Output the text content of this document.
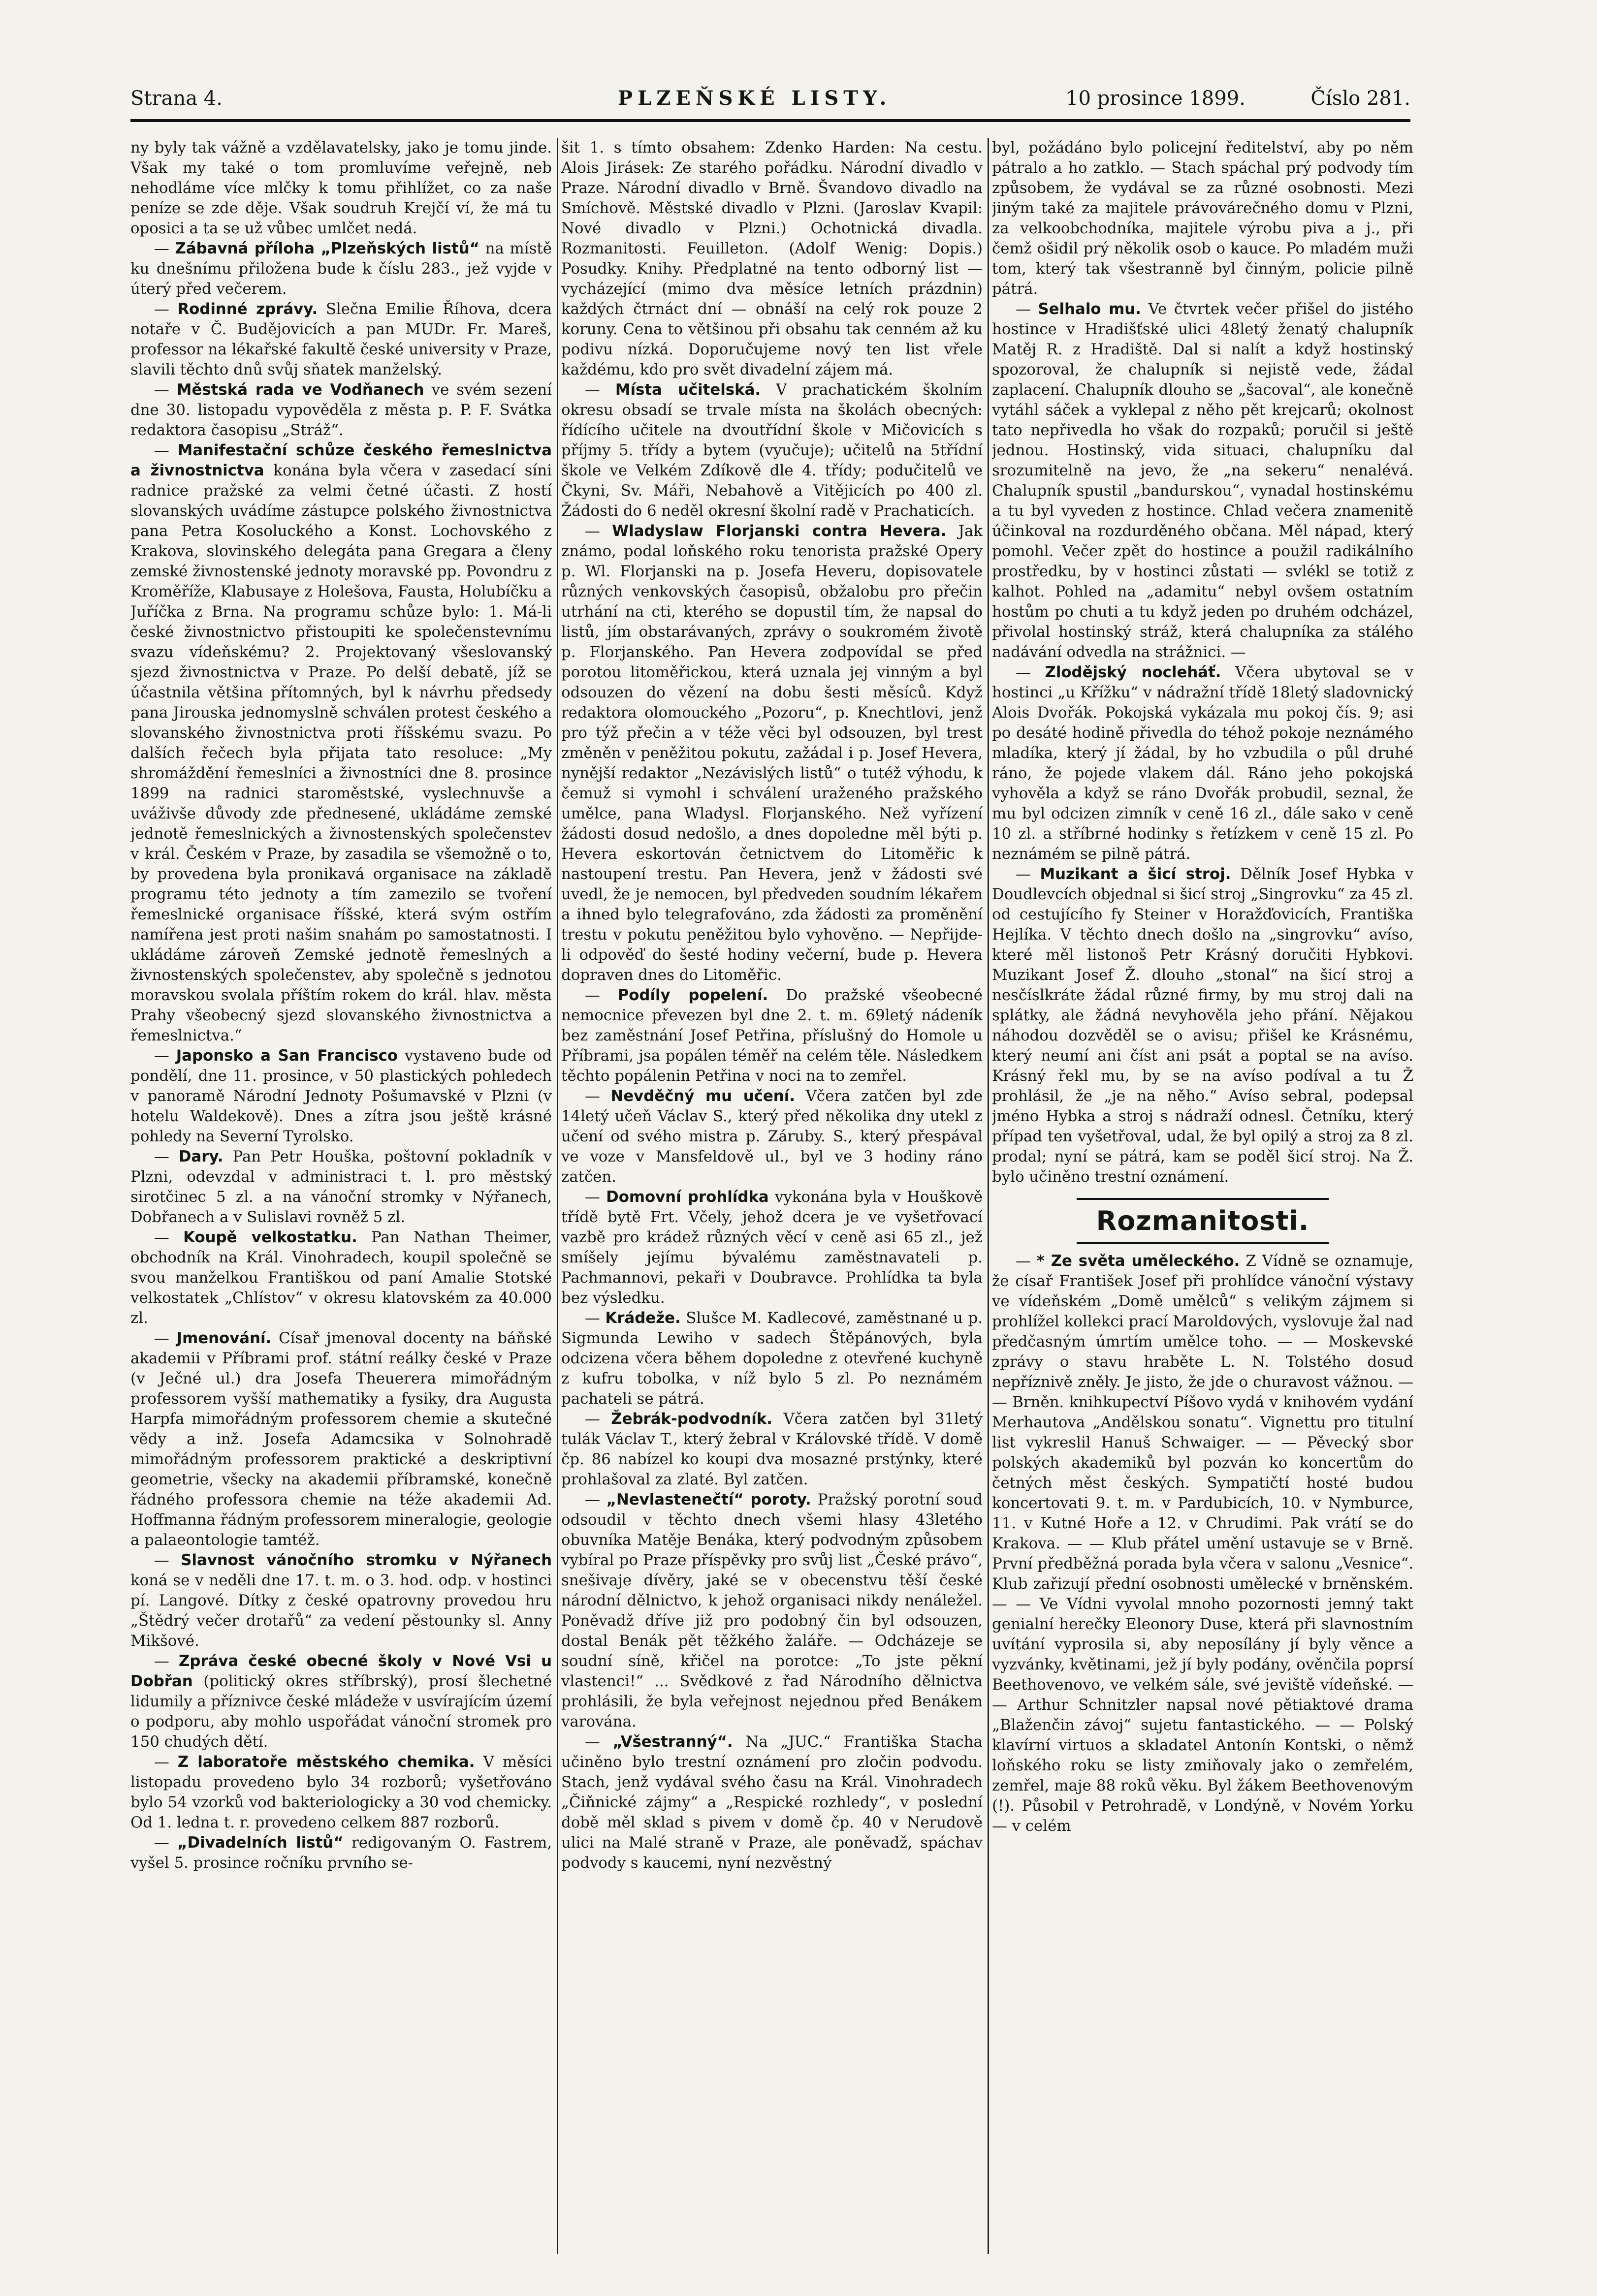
Strana 4.	PLZEŇSKÉ LISTY.	10 prosince 1899.	Číslo 281.

ny byly tak vážně a vzdělavatelsky, jako je tomu jinde. Však my také o tom promluvíme veřejně, neb nehodláme více mlčky k tomu přihlížet, co za naše peníze se zde děje. Však soudruh Krejčí ví, že má tu oposici a ta se už vůbec umlčet nedá.

— Zábavná příloha „Plzeňských listů“ na místě ku dnešnímu přiložena bude k číslu 283., jež vyjde v úterý před večerem.

— Rodinné zprávy. Slečna Emilie Říhova, dcera notaře v Č. Budějovicích a pan MUDr. Fr. Mareš, professor na lékařské fakultě české university v Praze, slavili těchto dnů svůj sňatek manželský.

— Městská rada ve Vodňanech ve svém sezení dne 30. listopadu vypověděla z města p. P. F. Svátka redaktora časopisu „Stráž“.

— Manifestační schůze českého řemeslnictva a živnostnictva konána byla včera v zasedací síni radnice pražské za velmi četné účasti. Z hostí slovanských uvádíme zástupce polského živnostnictva pana Petra Kosoluckého a Konst. Lochovského z Krakova, slovinského delegáta pana Gregara a členy zemské živnostenské jednoty moravské pp. Povondru z Kroměříže, Klabusaye z Holešova, Fausta, Holubíčku a Juříčka z Brna. Na programu schůze bylo: 1. Má-li české živnostnictvo přistoupiti ke společenstevnímu svazu vídeňskému? 2. Projektovaný všeslovanský sjezd živnostnictva v Praze. Po delší debatě, jíž se účastnila většina přítomných, byl k návrhu předsedy pana Jirouska jednomyslně schválen protest českého a slovanského živnostnictva proti říšskému svazu. Po dalších řečech byla přijata tato resoluce: „My shromáždění řemeslníci a živnostníci dne 8. prosince 1899 na radnici staroměstské, vyslechnuvše a uváživše důvody zde přednesené, ukládáme zemské jednotě řemeslnických a živnostenských společenstev v král. Českém v Praze, by zasadila se všemožně o to, by provedena byla pronikavá organisace na základě programu této jednoty a tím zamezilo se tvoření řemeslnické organisace říšské, která svým ostřím namířena jest proti našim snahám po samostatnosti. I ukládáme zároveň Zemské jednotě řemeslných a živnostenských společenstev, aby společně s jednotou moravskou svolala příštím rokem do král. hlav. města Prahy všeobecný sjezd slovanského živnostnictva a řemeslnictva.“

— Japonsko a San Francisco vystaveno bude od pondělí, dne 11. prosince, v 50 plastických pohledech v panoramě Národní Jednoty Pošumavské v Plzni (v hotelu Waldekově). Dnes a zítra jsou ještě krásné pohledy na Severní Tyrolsko.

— Dary. Pan Petr Houška, poštovní pokladník v Plzni, odevzdal v administraci t. l. pro městský sirotčinec 5 zl. a na vánoční stromky v Nýřanech, Dobřanech a v Sulislavi rovněž 5 zl.

— Koupě velkostatku. Pan Nathan Theimer, obchodník na Král. Vinohradech, koupil společně se svou manželkou Františkou od paní Amalie Stotské velkostatek „Chlístov“ v okresu klatovském za 40.000 zl.

— Jmenování. Císař jmenoval docenty na báňské akademii v Příbrami prof. státní reálky české v Praze (v Ječné ul.) dra Josefa Theuerera mimořádným professorem vyšší mathematiky a fysiky, dra Augusta Harpfa mimořádným professorem chemie a skutečné vědy a inž. Josefa Adamcsika v Solnohradě mimořádným professorem praktické a deskriptivní geometrie, všecky na akademii příbramské, konečně řádného professora chemie na téže akademii Ad. Hoffmanna řádným professorem mineralogie, geologie a palaeontologie tamtéž.

— Slavnost vánočního stromku v Nýřanech koná se v neděli dne 17. t. m. o 3. hod. odp. v hostinci pí. Langové. Dítky z české opatrovny provedou hru „Štědrý večer drotařů“ za vedení pěstounky sl. Anny Mikšové.

— Zpráva české obecné školy v Nové Vsi u Dobřan (politický okres stříbrský), prosí šlechetné lidumily a příznivce české mládeže v usvírajícím území o podporu, aby mohlo uspořádat vánoční stromek pro 150 chudých dětí.

— Z laboratoře městského chemika. V měsíci listopadu provedeno bylo 34 rozborů; vyšetřováno bylo 54 vzorků vod bakteriologicky a 30 vod chemicky. Od 1. ledna t. r. provedeno celkem 887 rozborů.

— „Divadelních listů“ redigovaným O. Fastrem, vyšel 5. prosince ročníku prvního se-

šit 1. s tímto obsahem: Zdenko Harden: Na cestu. Alois Jirásek: Ze starého pořádku. Národní divadlo v Praze. Národní divadlo v Brně. Švandovo divadlo na Smíchově. Městské divadlo v Plzni. (Jaroslav Kvapil: Nové divadlo v Plzni.) Ochotnická divadla. Rozmanitosti. Feuilleton. (Adolf Wenig: Dopis.) Posudky. Knihy. Předplatné na tento odborný list — vycházející (mimo dva měsíce letních prázdnin) každých čtrnáct dní — obnáší na celý rok pouze 2 koruny. Cena to většinou při obsahu tak cenném až ku podivu nízká. Doporučujeme nový ten list vřele každému, kdo pro svět divadelní zájem má.

— Místa učitelská. V prachatickém školním okresu obsadí se trvale místa na školách obecných: řídícího učitele na dvoutřídní škole v Mičovicích s příjmy 5. třídy a bytem (vyučuje); učitelů na 5třídní škole ve Velkém Zdíkově dle 4. třídy; podučitelů ve Čkyni, Sv. Máři, Nebahově a Vitějicích po 400 zl. Žádosti do 6 neděl okresní školní radě v Prachaticích.

— Wladyslaw Florjanski contra Hevera. Jak známo, podal loňského roku tenorista pražské Opery p. Wl. Florjanski na p. Josefa Heveru, dopisovatele různých venkovských časopisů, obžalobu pro přečin utrhání na cti, kterého se dopustil tím, že napsal do listů, jím obstarávaných, zprávy o soukromém životě p. Florjanského. Pan Hevera zodpovídal se před porotou litoměřickou, která uznala jej vinným a byl odsouzen do vězení na dobu šesti měsíců. Když redaktora olomouckého „Pozoru“, p. Knechtlovi, jenž pro týž přečin a v téže věci byl odsouzen, byl trest změněn v peněžitou pokutu, zažádal i p. Josef Hevera, nynější redaktor „Nezávislých listů“ o tutéž výhodu, k čemuž si vymohl i schválení uraženého pražského umělce, pana Wladysl. Florjanského. Než vyřízení žádosti dosud nedošlo, a dnes dopoledne měl býti p. Hevera eskortován četnictvem do Litoměřic k nastoupení trestu. Pan Hevera, jenž v žádosti své uvedl, že je nemocen, byl předveden soudním lékařem a ihned bylo telegrafováno, zda žádosti za proměnění trestu v pokutu peněžitou bylo vyhověno. — Nepřijde-li odpověď do šesté hodiny večerní, bude p. Hevera dopraven dnes do Litoměřic.

— Podíly popelení. Do pražské všeobecné nemocnice převezen byl dne 2. t. m. 69letý nádeník bez zaměstnání Josef Petřina, příslušný do Homole u Příbrami, jsa popálen téměř na celém těle. Následkem těchto popálenin Petřina v noci na to zemřel.

— Nevděčný mu učení. Včera zatčen byl zde 14letý učeň Václav S., který před několika dny utekl z učení od svého mistra p. Záruby. S., který přespával ve voze v Mansfeldově ul., byl ve 3 hodiny ráno zatčen.

— Domovní prohlídka vykonána byla v Houškově třídě bytě Frt. Včely, jehož dcera je ve vyšetřovací vazbě pro krádež různých věcí v ceně asi 65 zl., jež smíšely jejímu bývalému zaměstnavateli p. Pachmannovi, pekaři v Doubravce. Prohlídka ta byla bez výsledku.

— Krádeže. Slušce M. Kadlecové, zaměstnané u p. Sigmunda Lewiho v sadech Štěpánových, byla odcizena včera během dopoledne z otevřené kuchyně z kufru tobolka, v níž bylo 5 zl. Po neznámém pachateli se pátrá.

— Žebrák-podvodník. Včera zatčen byl 31letý tulák Václav T., který žebral v Královské třídě. V domě čp. 86 nabízel ko koupi dva mosazné prstýnky, které prohlašoval za zlaté. Byl zatčen.

— „Nevlastenečtí“ poroty. Pražský porotní soud odsoudil v těchto dnech všemi hlasy 43letého obuvníka Matěje Benáka, který podvodným způsobem vybíral po Praze příspěvky pro svůj list „České právo“, snešivaje dívěry, jaké se v obecenstvu těší české národní dělnictvo, k jehož organisaci nikdy nenáležel. Poněvadž dříve již pro podobný čin byl odsouzen, dostal Benák pět těžkého žaláře. — Odcházeje se soudní síně, křičel na porotce: „To jste pěkní vlastenci!“ ... Svědkové z řad Národního dělnictva prohlásili, že byla veřejnost nejednou před Benákem varována.

— „Všestranný“. Na „JUC.“ Františka Stacha učiněno bylo trestní oznámení pro zločin podvodu. Stach, jenž vydával svého času na Král. Vinohradech „Čiňnické zájmy“ a „Respické rozhledy“, v poslední době měl sklad s pivem v domě čp. 40 v Nerudově ulici na Malé straně v Praze, ale poněvadž, spáchav podvody s kaucemi, nyní nezvěstný

byl, požádáno bylo policejní ředitelství, aby po něm pátralo a ho zatklo. — Stach spáchal prý podvody tím způsobem, že vydával se za různé osobnosti. Mezi jiným také za majitele právovárečného domu v Plzni, za velkoobchodníka, majitele výrobu piva a j., při čemž ošidil prý několik osob o kauce. Po mladém muži tom, který tak všestranně byl činným, policie pilně pátrá.

— Selhalo mu. Ve čtvrtek večer přišel do jistého hostince v Hradišťské ulici 48letý ženatý chalupník Matěj R. z Hradiště. Dal si nalít a když hostinský spozoroval, že chalupník si nejistě vede, žádal zaplacení. Chalupník dlouho se „šacoval“, ale konečně vytáhl sáček a vyklepal z něho pět krejcarů; okolnost tato nepřivedla ho však do rozpaků; poručil si ještě jednou. Hostinský, vida situaci, chalupníku dal srozumitelně na jevo, že „na sekeru“ nenalévá. Chalupník spustil „bandurskou“, vynadal hostinskému a tu byl vyveden z hostince. Chlad večera znamenitě účinkoval na rozdurděného občana. Měl nápad, který pomohl. Večer zpět do hostince a použil radikálního prostředku, by v hostinci zůstati — svlékl se totiž z kalhot. Pohled na „adamitu“ nebyl ovšem ostatním hostům po chuti a tu když jeden po druhém odcházel, přivolal hostinský stráž, která chalupníka za stálého nadávání odvedla na strážnici. —

— Zlodějský nocleháť. Včera ubytoval se v hostinci „u Křížku“ v nádražní třídě 18letý sladovnický Alois Dvořák. Pokojská vykázala mu pokoj čís. 9; asi po desáté hodině přivedla do téhož pokoje neznámého mladíka, který jí žádal, by ho vzbudila o půl druhé ráno, že pojede vlakem dál. Ráno jeho pokojská vyhověla a když se ráno Dvořák probudil, seznal, že mu byl odcizen zimník v ceně 16 zl., dále sako v ceně 10 zl. a stříbrné hodinky s řetízkem v ceně 15 zl. Po neznámém se pilně pátrá.

— Muzikant a šicí stroj. Dělník Josef Hybka v Doudlevcích objednal si šicí stroj „Singrovku“ za 45 zl. od cestujícího fy Steiner v Horažďovicích, Františka Hejlíka. V těchto dnech došlo na „singrovku“ avíso, které měl listonoš Petr Krásný doručiti Hybkovi. Muzikant Josef Ž. dlouho „stonal“ na šicí stroj a nesčíslkráte žádal různé firmy, by mu stroj dali na splátky, ale žádná nevyhověla jeho přání. Nějakou náhodou dozvěděl se o avisu; přišel ke Krásnému, který neumí ani číst ani psát a poptal se na avíso. Krásný řekl mu, by se na avíso podíval a tu Ž prohlásil, že „je na něho.“ Avíso sebral, podepsal jméno Hybka a stroj s nádraží odnesl. Četníku, který případ ten vyšetřoval, udal, že byl opilý a stroj za 8 zl. prodal; nyní se pátrá, kam se poděl šicí stroj. Na Ž. bylo učiněno trestní oznámení.

Rozmanitosti.

— * Ze světa uměleckého. Z Vídně se oznamuje, že císař František Josef při prohlídce vánoční výstavy ve vídeňském „Domě umělců“ s velikým zájmem si prohlížel kollekci prací Maroldových, vyslovuje žal nad předčasným úmrtím umělce toho. — — Moskevské zprávy o stavu hraběte L. N. Tolstého dosud nepříznivě zněly. Je jisto, že jde o churavost vážnou. — — Brněn. knihkupectví Píšovo vydá v knihovém vydání Merhautova „Andělskou sonatu“. Vignettu pro titulní list vykreslil Hanuš Schwaiger. — — Pěvecký sbor polských akademiků byl pozván ko koncertům do četných měst českých. Sympatičtí hosté budou koncertovati 9. t. m. v Pardubicích, 10. v Nymburce, 11. v Kutné Hoře a 12. v Chrudimi. Pak vrátí se do Krakova. — — Klub přátel umění ustavuje se v Brně. První předběžná porada byla včera v salonu „Vesnice“. Klub zařizují přední osobnosti umělecké v brněnském. — — Ve Vídni vyvolal mnoho pozornosti jemný takt genialní herečky Eleonory Duse, která při slavnostním uvítání vyprosila si, aby neposílány jí byly věnce a vyzvánky, květinami, jež jí byly podány, ověnčila poprsí Beethovenovo, ve velkém sále, své jeviště vídeňské. — — Arthur Schnitzler napsal nové pětiaktové drama „Blaženčin závoj“ sujetu fantastického. — — Polský klavírní virtuos a skladatel Antonín Kontski, o němž loňského roku se listy zmiňovaly jako o zemřelém, zemřel, maje 88 roků věku. Byl žákem Beethovenovým (!). Působil v Petrohradě, v Londýně, v Novém Yorku — v celém
